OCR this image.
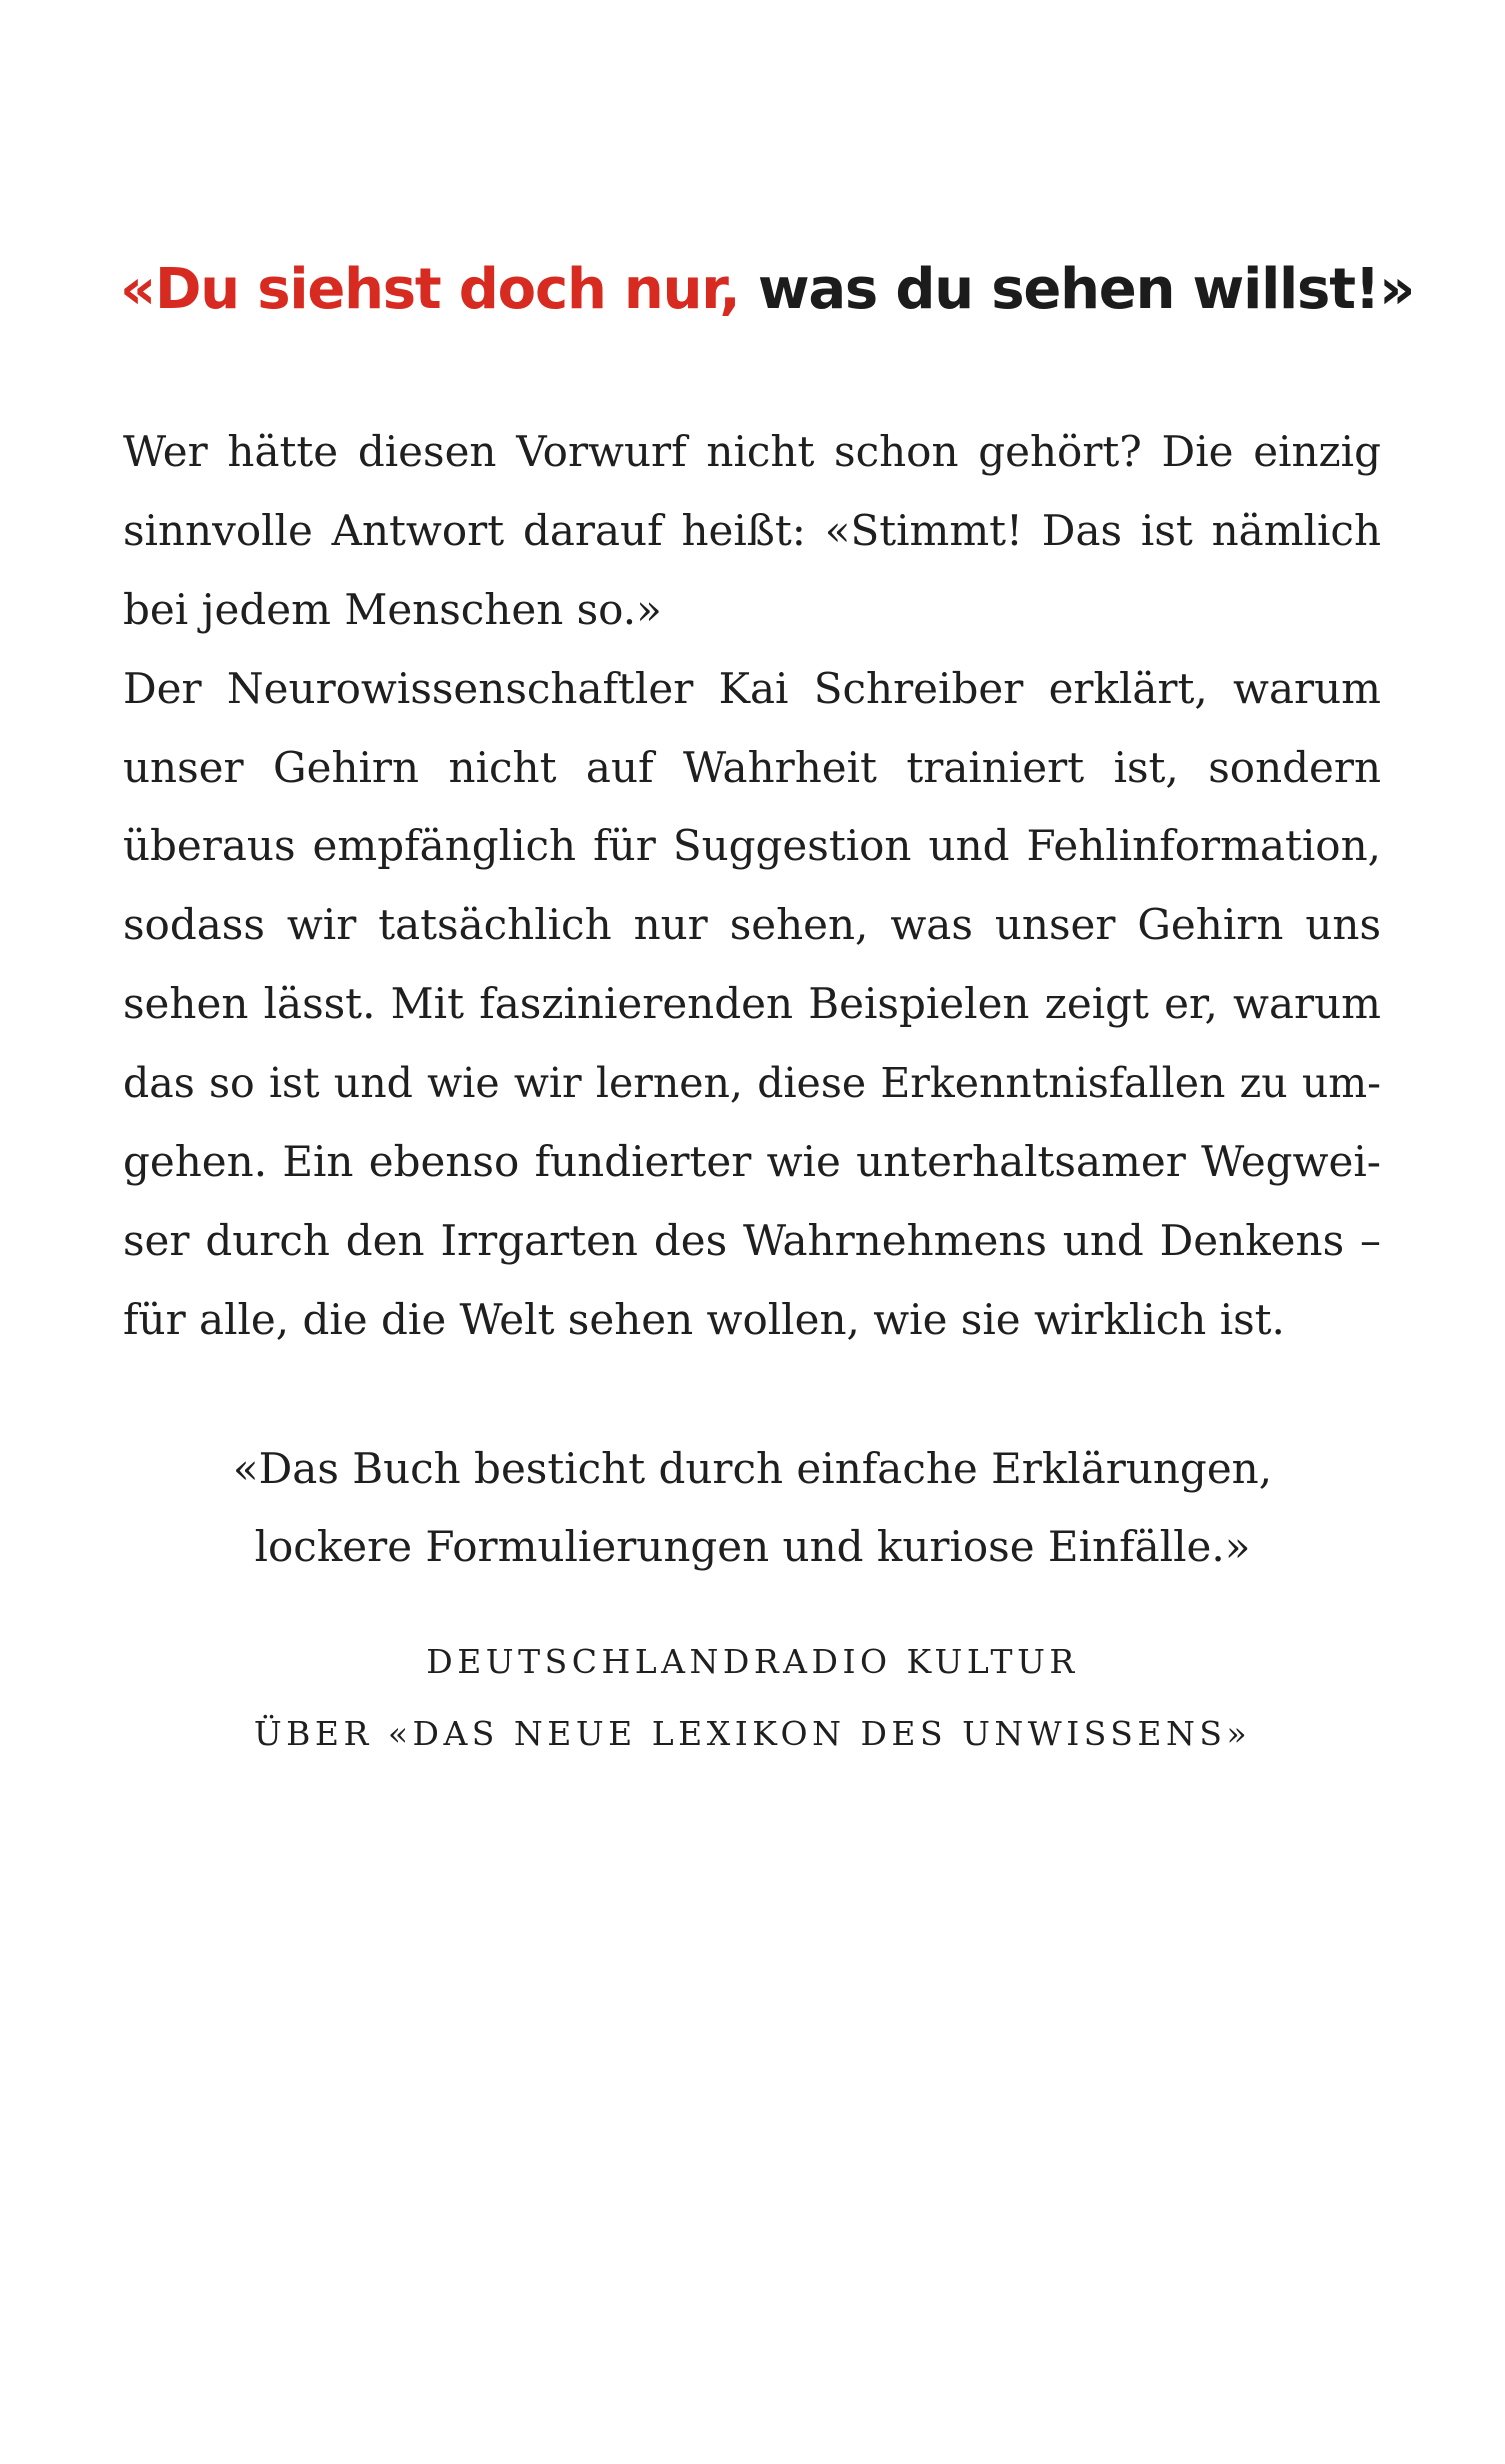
«Du siehst doch nur, was du sehen willst!»
Wer hätte diesen Vorwurf nicht schon gehört? Die einzig
sinnvolle Antwort darauf heißt: «Stimmt! Das ist nämlich
bei jedem Menschen so.»
Der Neurowissenschaftler Kai Schreiber erklärt, warum
unser Gehirn nicht auf Wahrheit trainiert ist, sondern
überaus empfänglich für Suggestion und Fehlinformation,
sodass wir tatsächlich nur sehen, was unser Gehirn uns
sehen lässt. Mit faszinierenden Beispielen zeigt er, warum
das so ist und wie wir lernen, diese Erkenntnisfallen zu um-
gehen. Ein ebenso fundierter wie unterhaltsamer Wegwei-
ser durch den Irrgarten des Wahrnehmens und Denkens –
für alle, die die Welt sehen wollen, wie sie wirklich ist.
«Das Buch besticht durch einfache Erklärungen,
lockere Formulierungen und kuriose Einfälle.»
DEUTSCHLANDRADIO KULTUR
ÜBER «DAS NEUE LEXIKON DES UNWISSENS»
